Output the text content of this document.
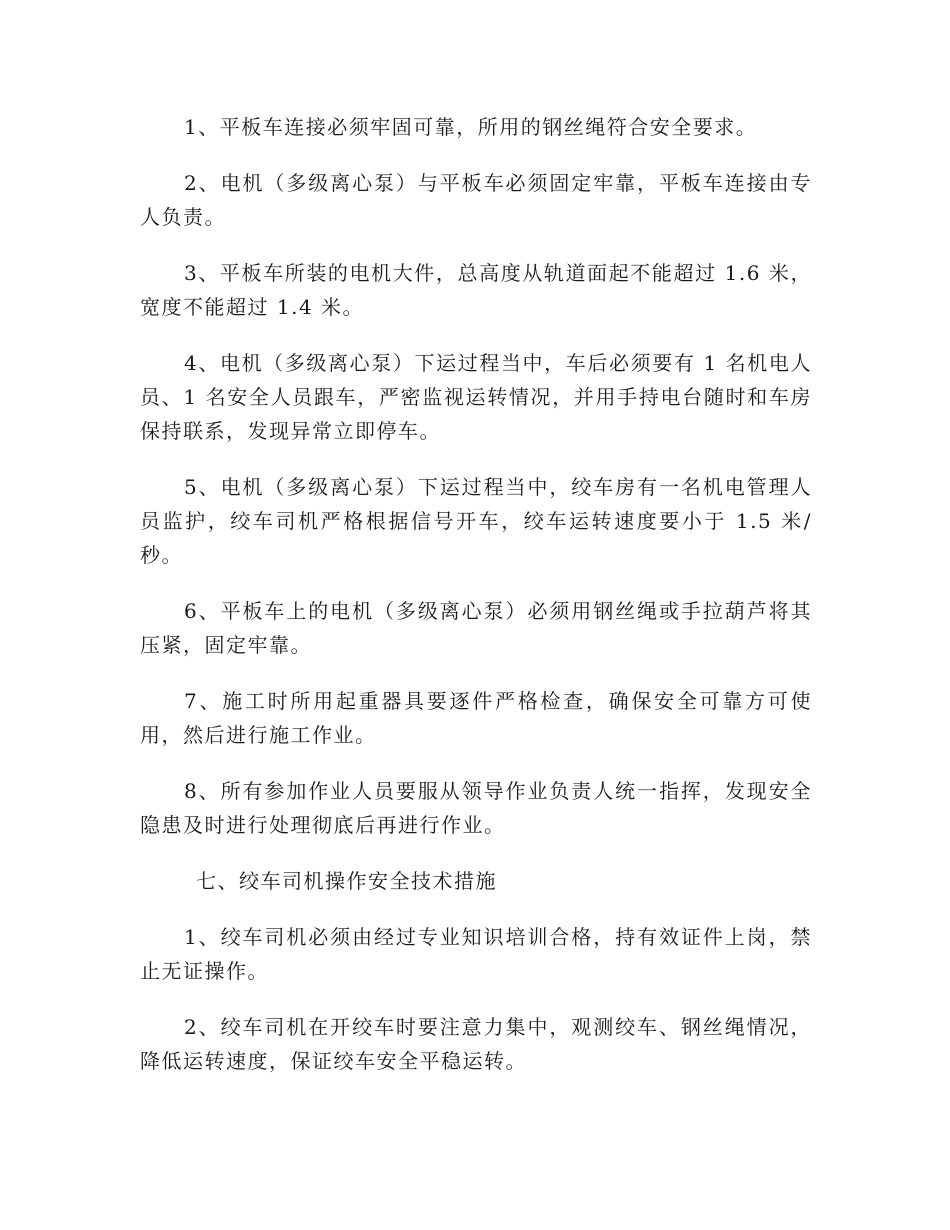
1、平板车连接必须牢固可靠，所用的钢丝绳符合安全要求。

2、电机（多级离心泵）与平板车必须固定牢靠，平板车连接由专人负责。

3、平板车所装的电机大件，总高度从轨道面起不能超过 1.6 米，宽度不能超过 1.4 米。

4、电机（多级离心泵）下运过程当中，车后必须要有 1 名机电人员、1 名安全人员跟车，严密监视运转情况，并用手持电台随时和车房保持联系，发现异常立即停车。

5、电机（多级离心泵）下运过程当中，绞车房有一名机电管理人员监护，绞车司机严格根据信号开车，绞车运转速度要小于 1.5 米/秒。

6、平板车上的电机（多级离心泵）必须用钢丝绳或手拉葫芦将其压紧，固定牢靠。

7、施工时所用起重器具要逐件严格检查，确保安全可靠方可使用，然后进行施工作业。

8、所有参加作业人员要服从领导作业负责人统一指挥，发现安全隐患及时进行处理彻底后再进行作业。

七、绞车司机操作安全技术措施

1、绞车司机必须由经过专业知识培训合格，持有效证件上岗，禁止无证操作。

2、绞车司机在开绞车时要注意力集中，观测绞车、钢丝绳情况，降低运转速度，保证绞车安全平稳运转。
